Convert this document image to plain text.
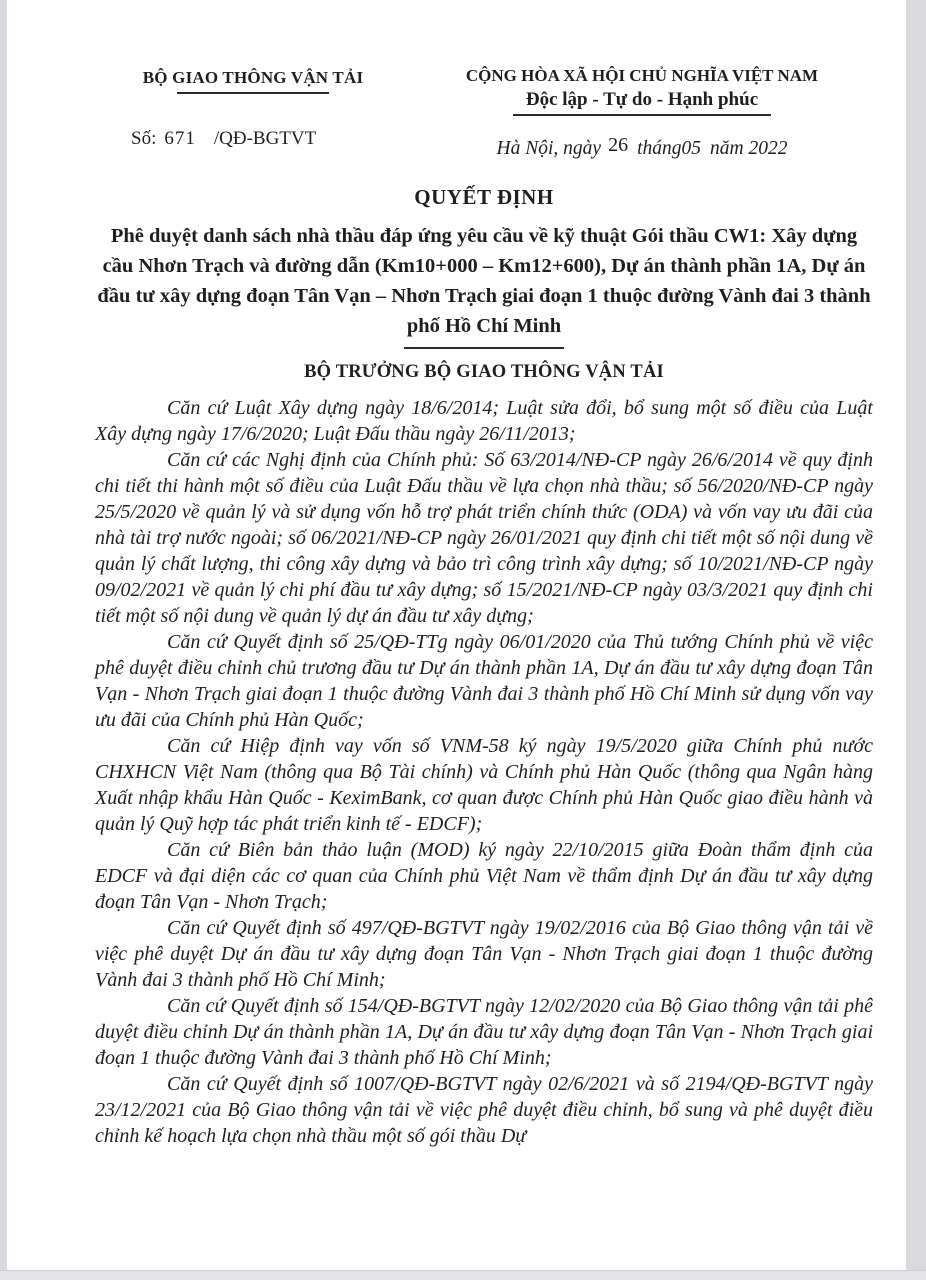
BỘ GIAO THÔNG VẬN TẢI
Số: 671 /QĐ-BGTVT
CỘNG HÒA XÃ HỘI CHỦ NGHĨA VIỆT NAM
Độc lập - Tự do - Hạnh phúc
Hà Nội, ngày 26 tháng05 năm 2022
QUYẾT ĐỊNH
Phê duyệt danh sách nhà thầu đáp ứng yêu cầu về kỹ thuật Gói thầu CW1: Xây dựng cầu Nhơn Trạch và đường dẫn (Km10+000 – Km12+600), Dự án thành phần 1A, Dự án đầu tư xây dựng đoạn Tân Vạn – Nhơn Trạch giai đoạn 1 thuộc đường Vành đai 3 thành phố Hồ Chí Minh
BỘ TRƯỞNG BỘ GIAO THÔNG VẬN TẢI

Căn cứ Luật Xây dựng ngày 18/6/2014; Luật sửa đổi, bổ sung một số điều của Luật Xây dựng ngày 17/6/2020; Luật Đấu thầu ngày 26/11/2013;

Căn cứ các Nghị định của Chính phủ: Số 63/2014/NĐ-CP ngày 26/6/2014 về quy định chi tiết thi hành một số điều của Luật Đấu thầu về lựa chọn nhà thầu; số 56/2020/NĐ-CP ngày 25/5/2020 về quản lý và sử dụng vốn hỗ trợ phát triển chính thức (ODA) và vốn vay ưu đãi của nhà tài trợ nước ngoài; số 06/2021/NĐ-CP ngày 26/01/2021 quy định chi tiết một số nội dung về quản lý chất lượng, thi công xây dựng và bảo trì công trình xây dựng; số 10/2021/NĐ-CP ngày 09/02/2021 về quản lý chi phí đầu tư xây dựng; số 15/2021/NĐ-CP ngày 03/3/2021 quy định chi tiết một số nội dung về quản lý dự án đầu tư xây dựng;

Căn cứ Quyết định số 25/QĐ-TTg ngày 06/01/2020 của Thủ tướng Chính phủ về việc phê duyệt điều chỉnh chủ trương đầu tư Dự án thành phần 1A, Dự án đầu tư xây dựng đoạn Tân Vạn - Nhơn Trạch giai đoạn 1 thuộc đường Vành đai 3 thành phố Hồ Chí Minh sử dụng vốn vay ưu đãi của Chính phủ Hàn Quốc;

Căn cứ Hiệp định vay vốn số VNM-58 ký ngày 19/5/2020 giữa Chính phủ nước CHXHCN Việt Nam (thông qua Bộ Tài chính) và Chính phủ Hàn Quốc (thông qua Ngân hàng Xuất nhập khẩu Hàn Quốc - KeximBank, cơ quan được Chính phủ Hàn Quốc giao điều hành và quản lý Quỹ hợp tác phát triển kinh tế - EDCF);

Căn cứ Biên bản thảo luận (MOD) ký ngày 22/10/2015 giữa Đoàn thẩm định của EDCF và đại diện các cơ quan của Chính phủ Việt Nam về thẩm định Dự án đầu tư xây dựng đoạn Tân Vạn - Nhơn Trạch;

Căn cứ Quyết định số 497/QĐ-BGTVT ngày 19/02/2016 của Bộ Giao thông vận tải về việc phê duyệt Dự án đầu tư xây dựng đoạn Tân Vạn - Nhơn Trạch giai đoạn 1 thuộc đường Vành đai 3 thành phố Hồ Chí Minh;

Căn cứ Quyết định số 154/QĐ-BGTVT ngày 12/02/2020 của Bộ Giao thông vận tải phê duyệt điều chỉnh Dự án thành phần 1A, Dự án đầu tư xây dựng đoạn Tân Vạn - Nhơn Trạch giai đoạn 1 thuộc đường Vành đai 3 thành phố Hồ Chí Minh;

Căn cứ Quyết định số 1007/QĐ-BGTVT ngày 02/6/2021 và số 2194/QĐ-BGTVT ngày 23/12/2021 của Bộ Giao thông vận tải về việc phê duyệt điều chỉnh, bổ sung và phê duyệt điều chỉnh kế hoạch lựa chọn nhà thầu một số gói thầu Dự
